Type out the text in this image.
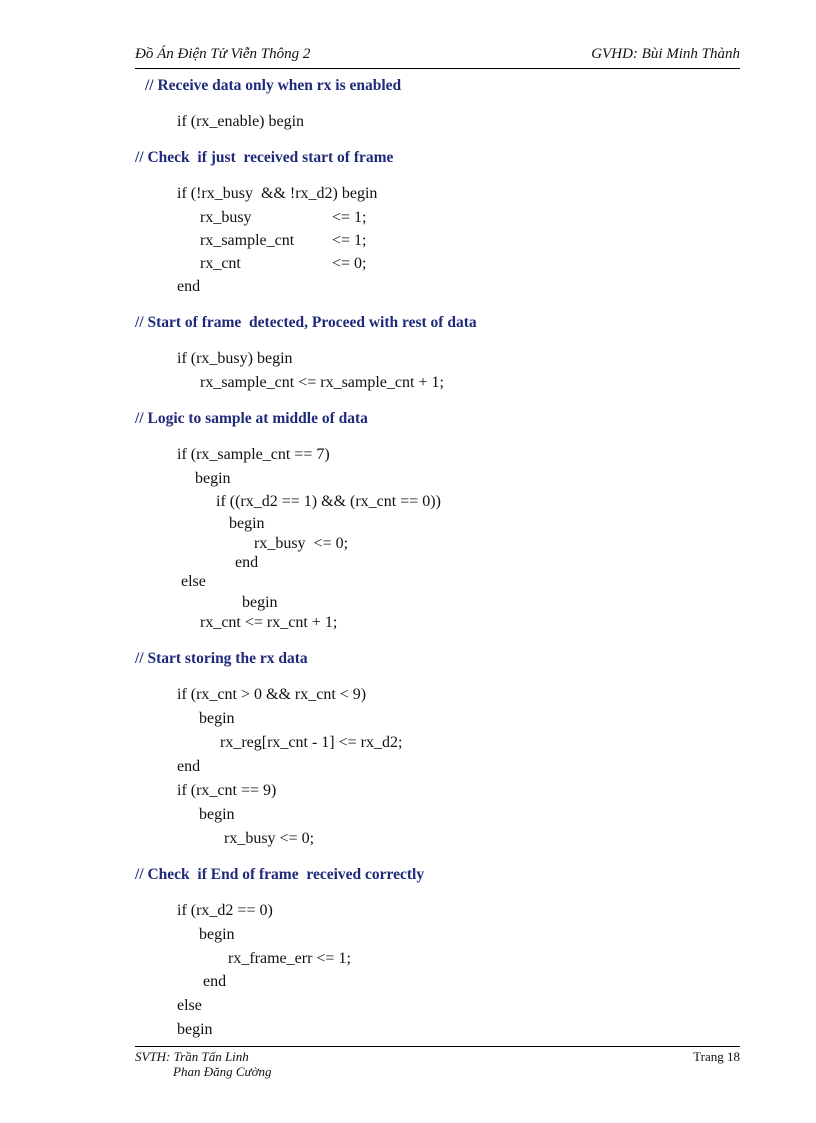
Đồ Án Điện Tử Viễn Thông 2	GVHD: Bùi Minh Thành
// Receive data only when rx is enabled
if (rx_enable) begin
// Check  if just  received start of frame
if (!rx_busy  && !rx_d2) begin
rx_busy	<= 1;
rx_sample_cnt <= 1;
rx_cnt	<= 0;
end
// Start of frame  detected, Proceed with rest of data
if (rx_busy) begin
rx_sample_cnt <= rx_sample_cnt + 1;
// Logic to sample at middle of data
if (rx_sample_cnt == 7)
begin
if ((rx_d2 == 1) && (rx_cnt == 0))
begin
rx_busy  <= 0;
end
else
begin
rx_cnt <= rx_cnt + 1;
// Start storing the rx data
if (rx_cnt > 0 && rx_cnt < 9)
begin
rx_reg[rx_cnt - 1] <= rx_d2;
end
if (rx_cnt == 9)
begin
rx_busy <= 0;
// Check  if End of frame  received correctly
if (rx_d2 == 0)
begin
rx_frame_err <= 1;
end
else
begin
SVTH: Trần Tấn Linh
Phan Đăng Cường
Trang 18
